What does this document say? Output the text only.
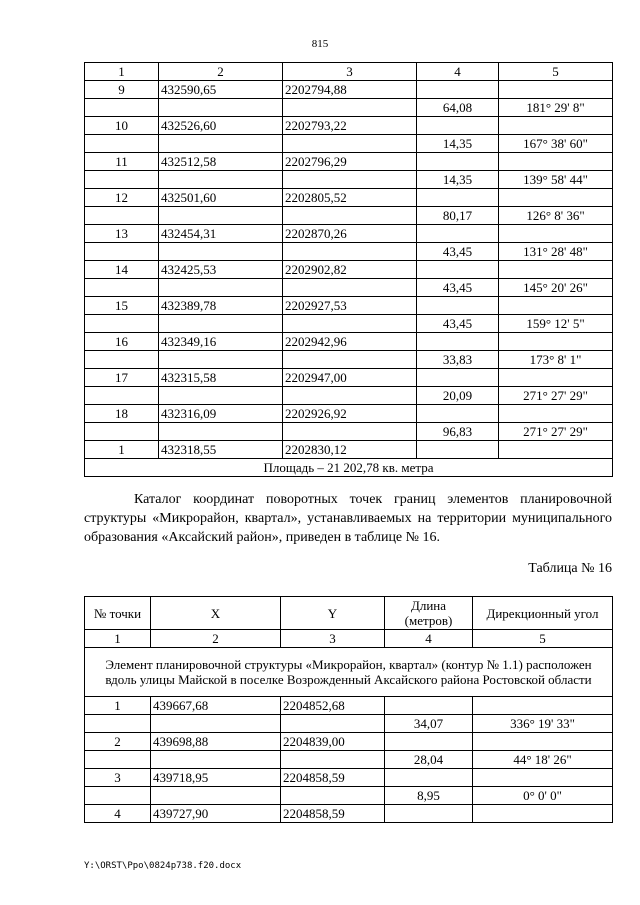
815
1	2	3	4	5
9	432590,65	2202794,88		
			64,08	181° 29' 8"
10	432526,60	2202793,22		
			14,35	167° 38' 60"
11	432512,58	2202796,29		
			14,35	139° 58' 44"
12	432501,60	2202805,52		
			80,17	126° 8' 36"
13	432454,31	2202870,26		
			43,45	131° 28' 48"
14	432425,53	2202902,82		
			43,45	145° 20' 26"
15	432389,78	2202927,53		
			43,45	159° 12' 5"
16	432349,16	2202942,96		
			33,83	173° 8' 1"
17	432315,58	2202947,00		
			20,09	271° 27' 29"
18	432316,09	2202926,92		
			96,83	271° 27' 29"
1	432318,55	2202830,12		
Площадь – 21 202,78 кв. метра				

Каталог координат поворотных точек границ элементов планировочной структуры «Микрорайон, квартал», устанавливаемых на территории муниципального образования «Аксайский район», приведен в таблице № 16.

Таблица № 16
№ точки	X	Y	Длина (метров)	Дирекционный угол
1	2	3	4	5
Элемент планировочной структуры «Микрорайон, квартал» (контур № 1.1) расположен вдоль улицы Майской в поселке Возрожденный Аксайского района Ростовской области				
1	439667,68	2204852,68		
			34,07	336° 19' 33"
2	439698,88	2204839,00		
			28,04	44° 18' 26"
3	439718,95	2204858,59		
			8,95	0° 0' 0"
4	439727,90	2204858,59		
Y:\ORST\Ppo\0824p738.f20.docx
